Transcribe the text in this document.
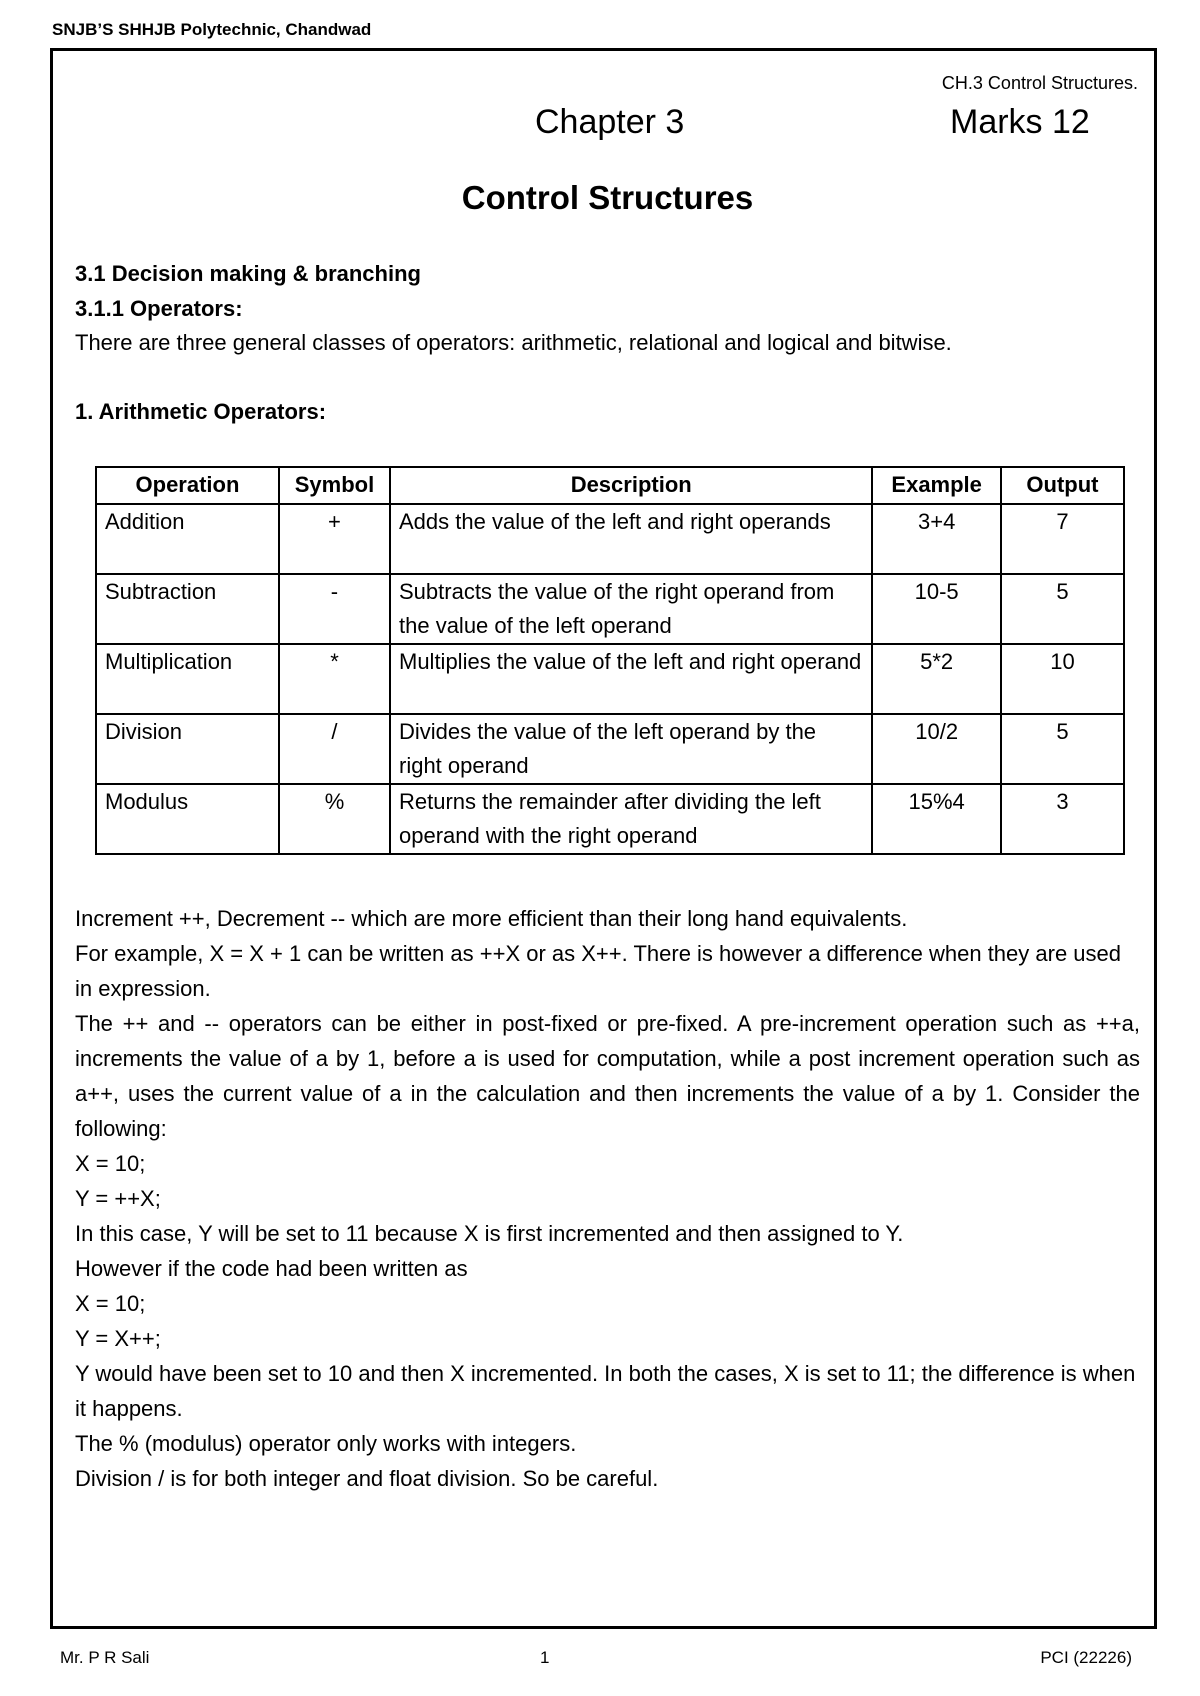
SNJB’S SHHJB Polytechnic, Chandwad
CH.3 Control Structures.
Chapter 3	Marks 12
Control Structures

3.1 Decision making & branching

3.1.1 Operators:

There are three general classes of operators: arithmetic, relational and logical and bitwise.

1. Arithmetic Operators:

Operation	Symbol	Description	Example	Output
Addition	+	Adds the value of the left and right operands	3+4	7
Subtraction	-	Subtracts the value of the right operand from the value of the left operand	10-5	5
Multiplication	*	Multiplies the value of the left and right operand	5*2	10
Division	/	Divides the value of the left operand by the right operand	10/2	5
Modulus	%	Returns the remainder after dividing the left operand with the right operand	15%4	3

Increment ++, Decrement -- which are more efficient than their long hand equivalents.

For example, X = X + 1 can be written as ++X or as X++. There is however a difference when they are used in expression.

The ++ and -- operators can be either in post-fixed or pre-fixed. A pre-increment operation such as ++a, increments the value of a by 1, before a is used for computation, while a post increment operation such as a++, uses the current value of a in the calculation and then increments the value of a by 1. Consider the following:

X = 10;

Y = ++X;

In this case, Y will be set to 11 because X is first incremented and then assigned to Y.

However if the code had been written as

X = 10;

Y = X++;

Y would have been set to 10 and then X incremented. In both the cases, X is set to 11; the difference is when it happens.

The % (modulus) operator only works with integers.

Division / is for both integer and float division. So be careful.

Mr. P R Sali	1	PCI (22226)
